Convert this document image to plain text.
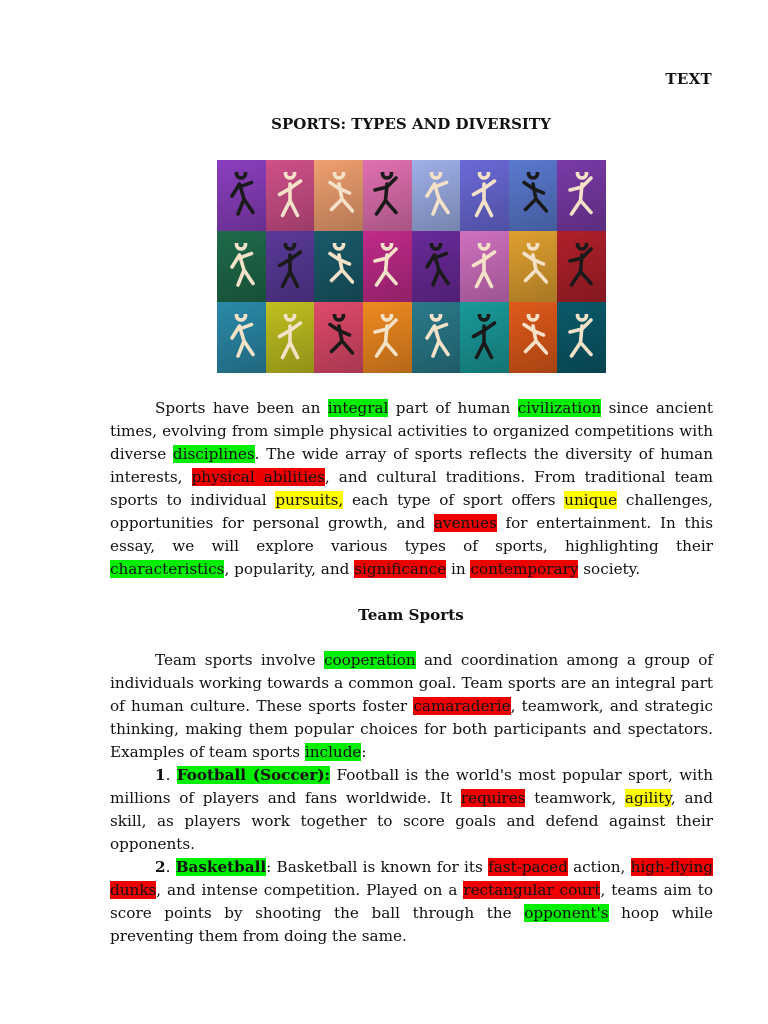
TEXT
SPORTS: TYPES AND DIVERSITY

Sports have been an integral part of human civilization since ancient times, evolving from simple physical activities to organized competitions with diverse disciplines. The wide array of sports reflects the diversity of human interests, physical abilities, and cultural traditions. From traditional team sports to individual pursuits, each type of sport offers unique challenges, opportunities for personal growth, and avenues for entertainment. In this essay, we will explore various types of sports, highlighting their characteristics, popularity, and significance in contemporary society.

Team Sports
Team sports involve cooperation and coordination among a group of individuals working towards a common goal. Team sports are an integral part of human culture. These sports foster camaraderie, teamwork, and strategic thinking, making them popular choices for both participants and spectators. Examples of team sports include:
1. Football (Soccer): Football is the world's most popular sport, with millions of players and fans worldwide. It requires teamwork, agility, and skill, as players work together to score goals and defend against their opponents.
2. Basketball: Basketball is known for its fast-paced action, high-flying dunks, and intense competition. Played on a rectangular court, teams aim to score points by shooting the ball through the opponent's hoop while preventing them from doing the same.
